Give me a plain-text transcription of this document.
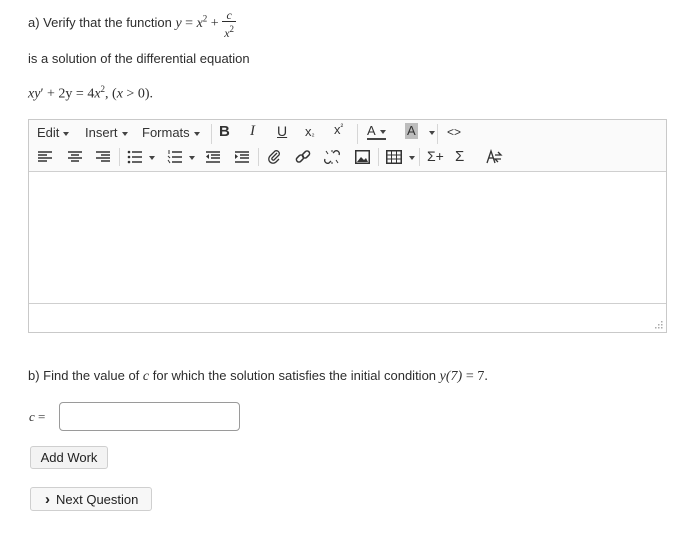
a) Verify that the function $y = x^2 + \frac{c}{x^2}$
is a solution of the differential equation
$xy' + 2y = 4x^2$, (x > 0).
Edit	Insert	Formats	B I U x₂ $x^{^2}$ A	A	<>
Σ+ Σ
b) Find the value of c for which the solution satisfies the initial condition y(7) = 7.
c =
Add Work
› Next Question
